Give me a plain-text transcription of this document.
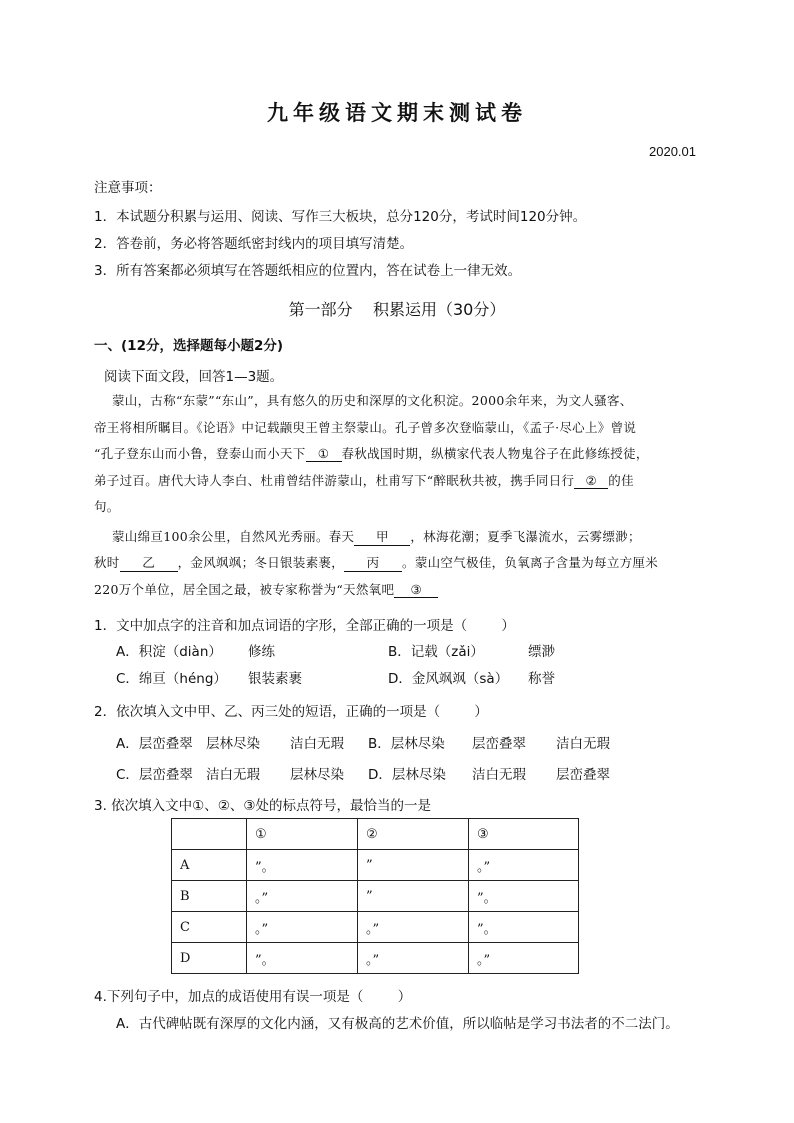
九年级语文期末测试卷
2020.01
注意事项：
1．本试题分积累与运用、阅读、写作三大板块，总分120分，考试时间120分钟。
2．答卷前，务必将答题纸密封线内的项目填写清楚。
3．所有答案都必须填写在答题纸相应的位置内，答在试卷上一律无效。
第一部分    积累运用（30分）
一、(12分，选择题每小题2分)
阅读下面文段，回答1—3题。
蒙山，古称“东蒙”“东山”，具有悠久的历史和深厚的文化积淀。2000余年来，为文人骚客、
帝王将相所瞩目。《论语》中记载颛臾王曾主祭蒙山。孔子曾多次登临蒙山，《孟子·尽心上》曾说
“孔子登东山而小鲁，登泰山而小天下 ① 春秋战国时期，纵横家代表人物鬼谷子在此修练授徒，
弟子过百。唐代大诗人李白、杜甫曾结伴游蒙山，杜甫写下“醉眠秋共被，携手同日行 ② 的佳
句。
蒙山绵亘100余公里，自然风光秀丽。春天 甲 ，林海花潮；夏季飞瀑流水，云雾缥渺；
秋时 乙 ，金风飒飒；冬日银装素裹， 丙 。蒙山空气极佳，负氧离子含量为每立方厘米
220万个单位，居全国之最，被专家称誉为“天然氧吧 ③
1．文中加点字的注音和加点词语的字形，全部正确的一项是（        ）
A．积淀（diàn） 修练	B．记载（zǎi）	缥渺
C．绵亘（héng） 银装素裹	D．金风飒飒（sà） 称誉
2．依次填入文中甲、乙、丙三处的短语，正确的一项是（        ）
A．层峦叠翠 层林尽染 洁白无瑕 B．层林尽染 层峦叠翠 洁白无瑕
C．层峦叠翠 洁白无瑕 层林尽染 D．层林尽染 洁白无瑕 层峦叠翠
3. 依次填入文中①、②、③处的标点符号，最恰当的一是
	①	②	③
A	”。	”	。”
B	。”	”	”。
C	。”	。”	”。
D	”。	。”	。”
4.下列句子中，加点的成语使用有误一项是（        ）
A．古代碑帖既有深厚的文化内涵，又有极高的艺术价值，所以临帖是学习书法者的不二法门。
